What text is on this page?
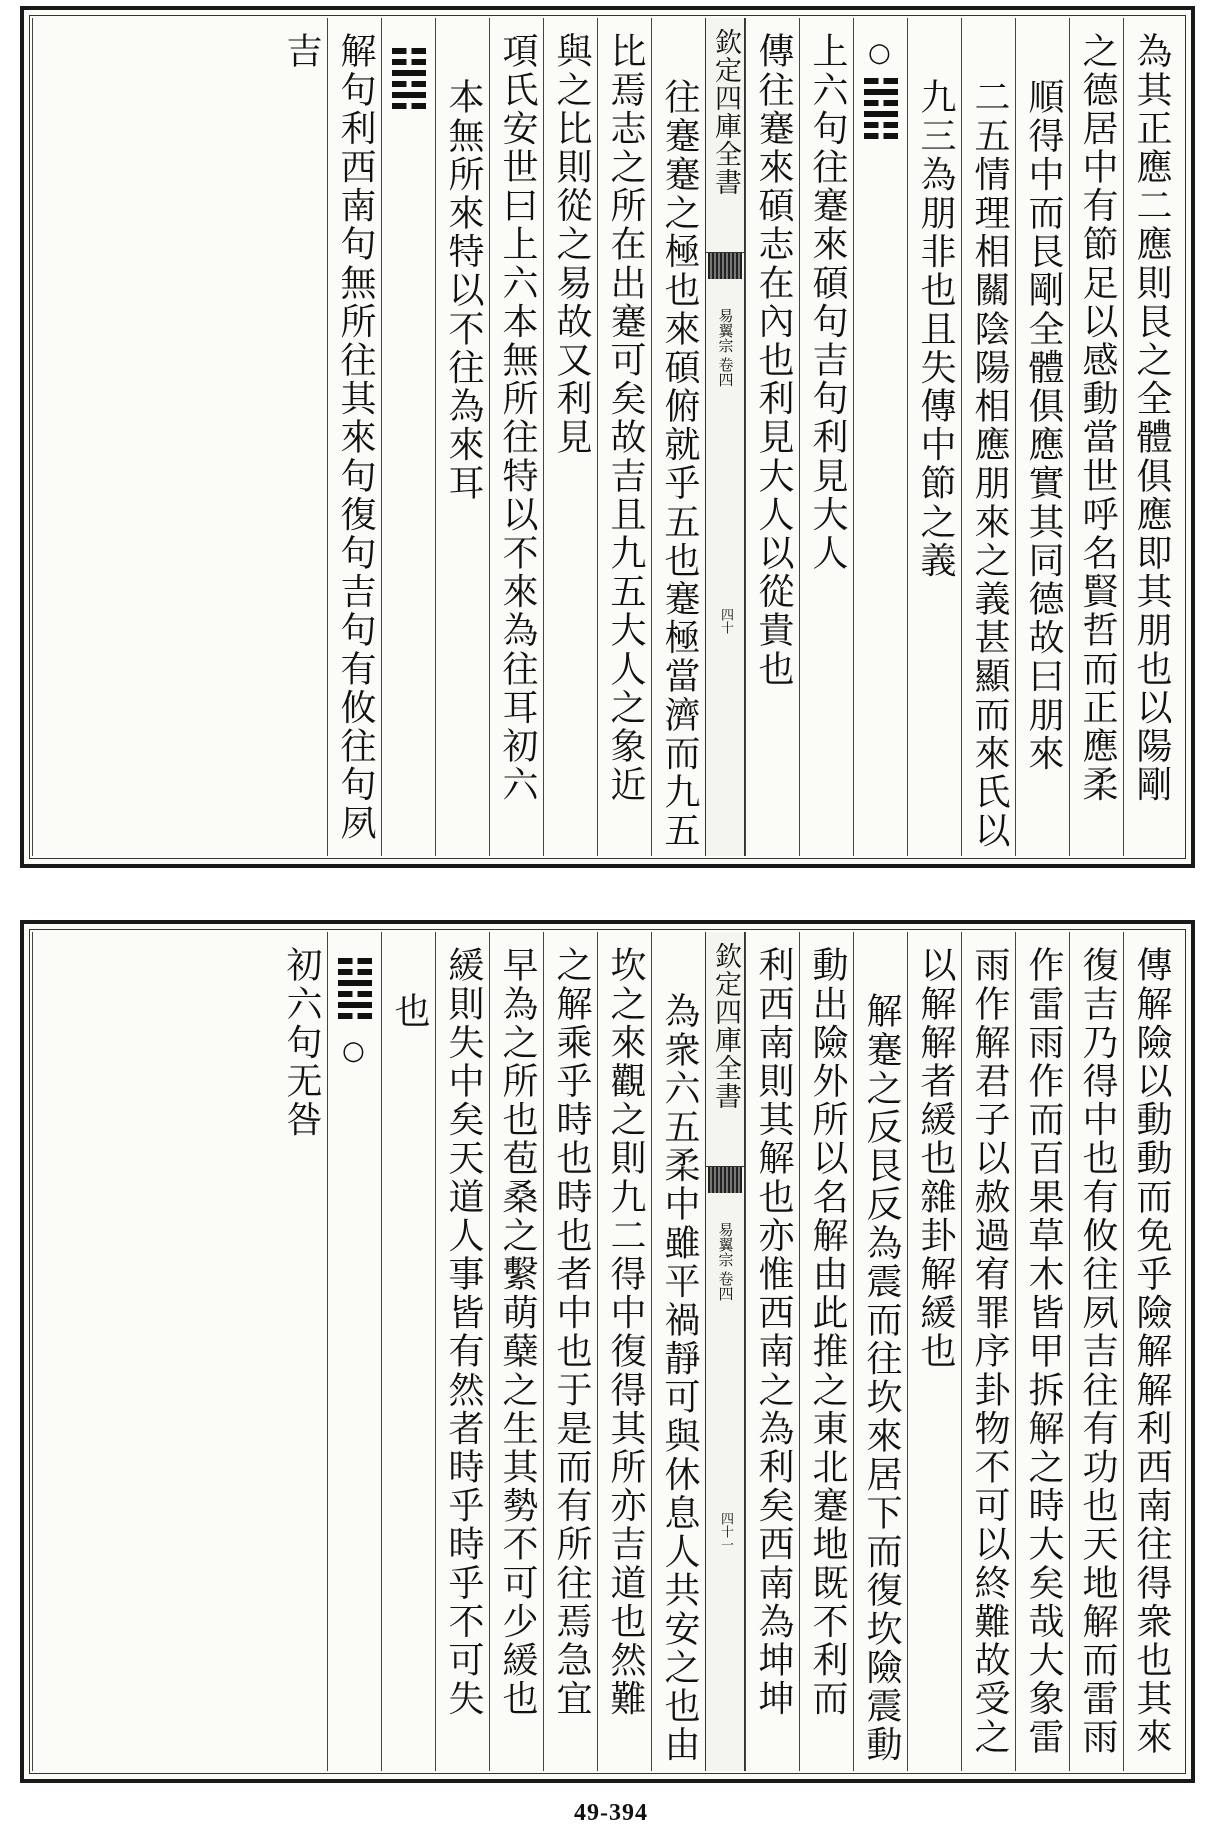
為其正應二應則艮之全體俱應即其朋也以陽剛
之德居中有節足以感動當世呼名賢哲而正應柔
順得中而艮剛全體俱應實其同德故曰朋來
二五情理相關陰陽相應朋來之義甚顯而來氏以
九三為朋非也且失傳中節之義
○
上六句往蹇來碩句吉句利見大人
傳往蹇來碩志在內也利見大人以從貴也
欽定四庫全書
易翼宗
卷四
四十
往蹇蹇之極也來碩俯就乎五也蹇極當濟而九五
比焉志之所在出蹇可矣故吉且九五大人之象近
與之比則從之易故又利見
項氏安世曰上六本無所往特以不來為往耳初六
本無所來特以不往為來耳
解句利西南句無所往其來句復句吉句有攸往句夙
吉
傳解險以動動而免乎險解解利西南往得衆也其來
復吉乃得中也有攸往夙吉往有功也天地解而雷雨
作雷雨作而百果草木皆甲拆解之時大矣哉大象雷
雨作解君子以赦過宥罪序卦物不可以終難故受之
以解解者緩也雜卦解緩也
解蹇之反艮反為震而往坎來居下而復坎險震動
動出險外所以名解由此推之東北蹇地既不利而
利西南則其解也亦惟西南之為利矣西南為坤坤
欽定四庫全書
易翼宗
卷四
四十一
為衆六五柔中雖平禍靜可與休息人共安之也由
坎之來觀之則九二得中復得其所亦吉道也然難
之解乘乎時也時也者中也于是而有所往焉急宜
早為之所也苞桑之繫萌蘖之生其勢不可少緩也
緩則失中矣天道人事皆有然者時乎時乎不可失
也
○
初六句无咎
49-394
